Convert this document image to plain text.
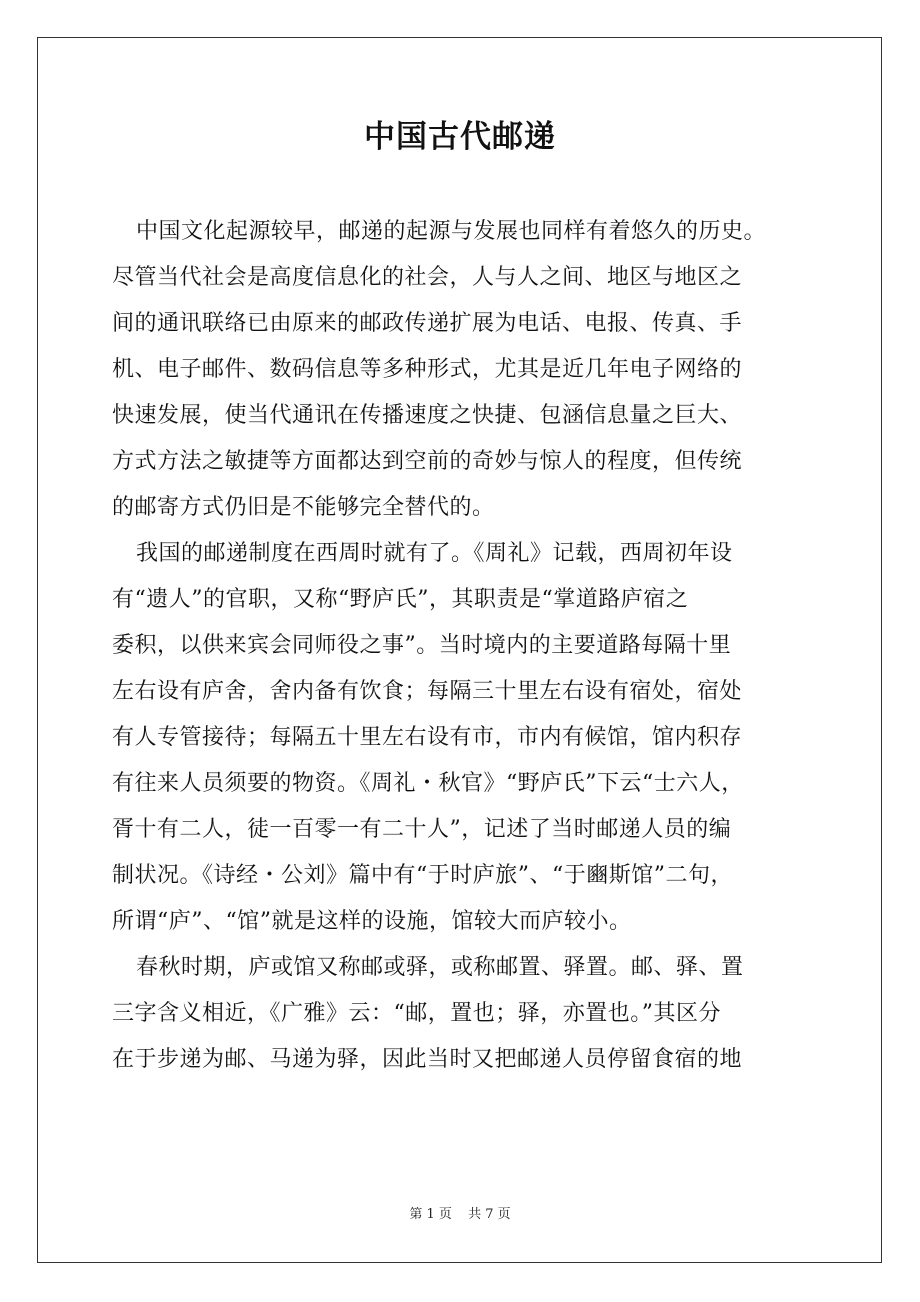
中国古代邮递
中国文化起源较早，邮递的起源与发展也同样有着悠久的历史。
尽管当代社会是高度信息化的社会，人与人之间、地区与地区之
间的通讯联络已由原来的邮政传递扩展为电话、电报、传真、手
机、电子邮件、数码信息等多种形式，尤其是近几年电子网络的
快速发展，使当代通讯在传播速度之快捷、包涵信息量之巨大、
方式方法之敏捷等方面都达到空前的奇妙与惊人的程度，但传统
的邮寄方式仍旧是不能够完全替代的。
我国的邮递制度在西周时就有了。《周礼》记载，西周初年设
有“遗人”的官职，又称“野庐氏”，其职责是“掌道路庐宿之
委积，以供来宾会同师役之事”。当时境内的主要道路每隔十里
左右设有庐舍，舍内备有饮食；每隔三十里左右设有宿处，宿处
有人专管接待；每隔五十里左右设有市，市内有候馆，馆内积存
有往来人员须要的物资。《周礼・秋官》“野庐氏”下云“士六人，
胥十有二人，徒一百零一有二十人”，记述了当时邮递人员的编
制状况。《诗经・公刘》篇中有“于时庐旅”、“于豳斯馆”二句，
所谓“庐”、“馆”就是这样的设施，馆较大而庐较小。
春秋时期，庐或馆又称邮或驿，或称邮置、驿置。邮、驿、置
三字含义相近，《广雅》云：“邮，置也；驿，亦置也。”其区分
在于步递为邮、马递为驿，因此当时又把邮递人员停留食宿的地
第 1 页 共 7 页
